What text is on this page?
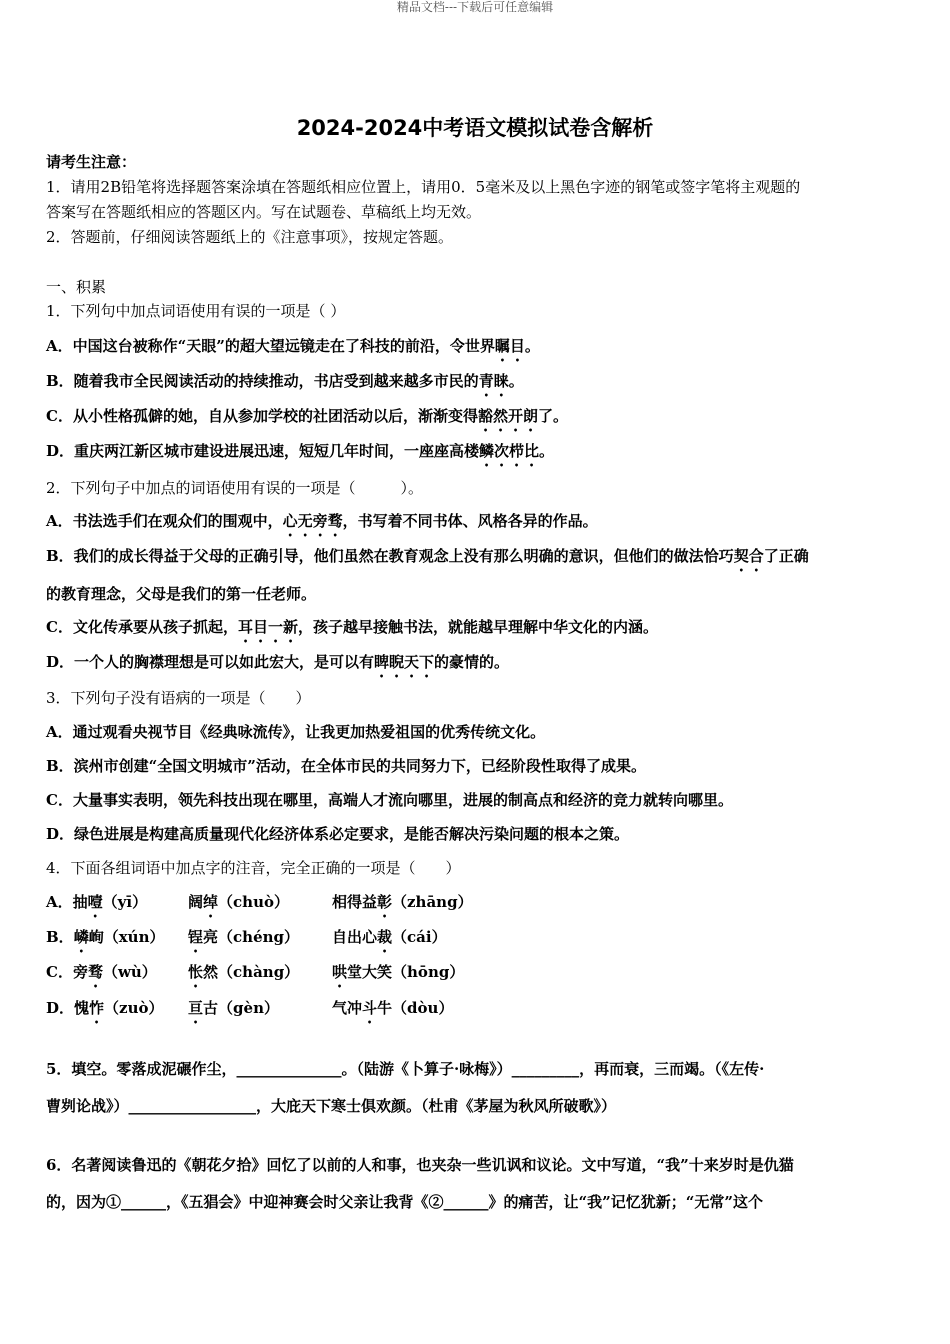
精品文档---下载后可任意编辑
2024-2024中考语文模拟试卷含解析
请考生注意：
1．请用2B铅笔将选择题答案涂填在答题纸相应位置上，请用0．5毫米及以上黑色字迹的钢笔或签字笔将主观题的
答案写在答题纸相应的答题区内。写在试题卷、草稿纸上均无效。
2．答题前，仔细阅读答题纸上的《注意事项》，按规定答题。
一、积累
1．下列句中加点词语使用有误的一项是（ ）
A．中国这台被称作“天眼”的超大望远镜走在了科技的前沿，令世界瞩目。
B．随着我市全民阅读活动的持续推动，书店受到越来越多市民的青睐。
C．从小性格孤僻的她，自从参加学校的社团活动以后，渐渐变得豁然开朗了。
D．重庆两江新区城市建设进展迅速，短短几年时间，一座座高楼鳞次栉比。
2．下列句子中加点的词语使用有误的一项是（　　　）。
A．书法选手们在观众们的围观中，心无旁骛，书写着不同书体、风格各异的作品。
B．我们的成长得益于父母的正确引导，他们虽然在教育观念上没有那么明确的意识，但他们的做法恰巧契合了正确
的教育理念，父母是我们的第一任老师。
C．文化传承要从孩子抓起，耳目一新，孩子越早接触书法，就能越早理解中华文化的内涵。
D．一个人的胸襟理想是可以如此宏大，是可以有睥睨天下的豪情的。
3．下列句子没有语病的一项是（　　）
A．通过观看央视节目《经典咏流传》，让我更加热爱祖国的优秀传统文化。
B．滨州市创建“全国文明城市”活动，在全体市民的共同努力下，已经阶段性取得了成果。
C．大量事实表明，领先科技出现在哪里，高端人才流向哪里，进展的制高点和经济的竞力就转向哪里。
D．绿色进展是构建高质量现代化经济体系必定要求，是能否解决污染问题的根本之策。
4．下面各组词语中加点字的注音，完全正确的一项是（　　）
A．抽噎（yī）	阔绰（chuò）	相得益彰（zhāng）
B．嶙峋（xún） 锃亮（chéng） 自出心裁（cái）
C．旁骛（wù） 怅然（chàng） 哄堂大笑（hōng）
D．愧怍（zuò） 亘古（gèn）	气冲斗牛（dòu）
5．填空。零落成泥碾作尘，______________。（陆游《卜算子·咏梅》）_________，再而衰，三而竭。（《左传·
曹刿论战》）_________________，大庇天下寒士俱欢颜。（杜甫《茅屋为秋风所破歌》）
6．名著阅读鲁迅的《朝花夕拾》回忆了以前的人和事，也夹杂一些讥讽和议论。文中写道，“我”十来岁时是仇猫
的，因为①______，《五猖会》中迎神赛会时父亲让我背《②______》的痛苦，让“我”记忆犹新；“无常”这个
